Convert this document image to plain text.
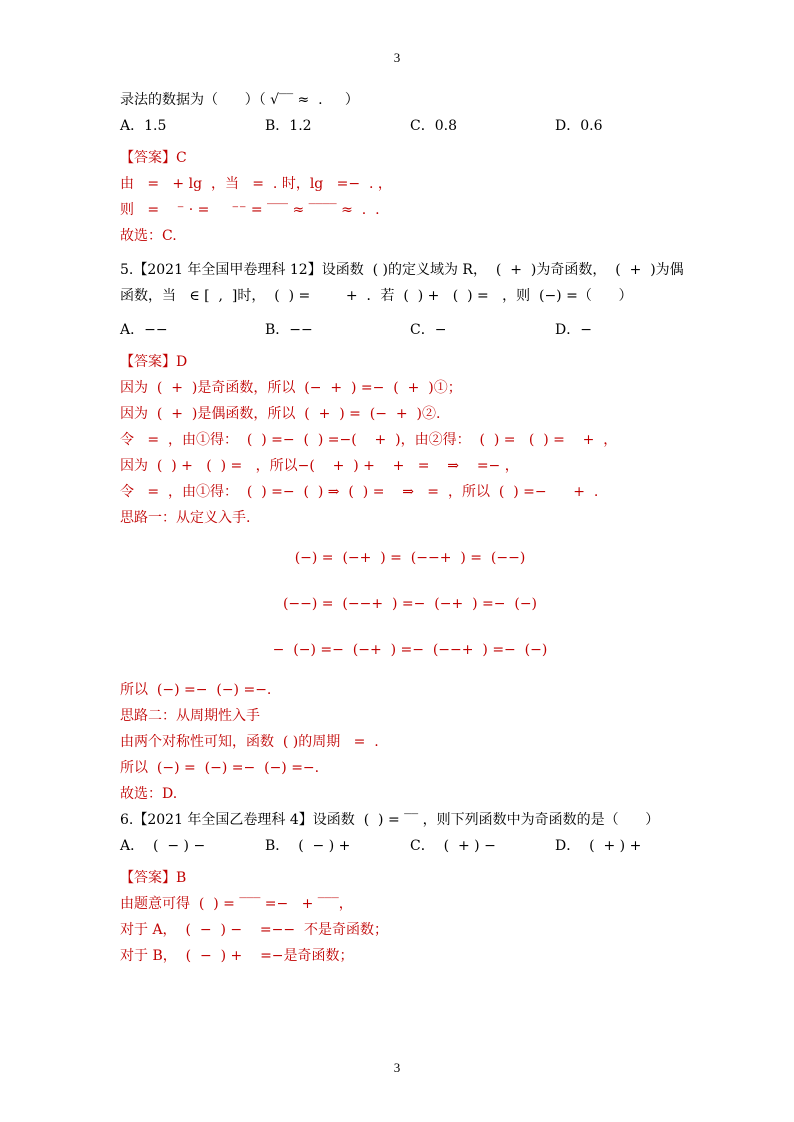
3
录法的数据为（      ）（ √‾‾ ≈  .     ）
A．1.5	B．1.2	C．0.8	D．0.6
【答案】C
由   =   + lg  ，当   =  . 时，lg   =−  . ，
则   =    ⁻ · =     ⁻⁻ = ‾‾‾ ≈ ‾‾‾‾ ≈  .  .
故选：C.
5.【2021 年全国甲卷理科 12】设函数  ( )的定义域为 R，  (  +  )为奇函数，  (  +  )为偶
函数，当   ∈ [  ,  ]时，  (  ) =        +  ．若  (  ) +   (  ) =   ，则  (−) =（      ）
A．−−	B．−−	C．−	D．−
【答案】D
因为  (  +  )是奇函数，所以  (−  +  ) =−  (  +  )①；
因为  (  +  )是偶函数，所以  (  +  ) =  (−  +  )②.
令   =  ，由①得：  (  ) =−  (  ) =−(    +  )，由②得：  (  ) =   (  ) =    +  ，
因为  (  ) +   (  ) =   ，所以−(    +  ) +    +   =    ⇒    =− ，
令   =  ，由①得：  (  ) =−  (  ) ⇒  (  ) =    ⇒   =  ，所以  (  ) =−      +  .
思路一：从定义入手.
(−) =  (−+  ) =  (−−+  ) =  (−−)
(−−) =  (−−+  ) =−  (−+  ) =−  (−)
−  (−) =−  (−+  ) =−  (−−+  ) =−  (−)
所以  (−) =−  (−) =−.
思路二：从周期性入手
由两个对称性可知，函数  ( )的周期   =  .
所以  (−) =  (−) =−  (−) =−.
故选：D.
6.【2021 年全国乙卷理科 4】设函数  (  ) = ‾‾ ，则下列函数中为奇函数的是（      ）
A．  (  − ) −	B．  (  − ) +	C．  (  + ) −	D．  (  + ) +
【答案】B
由题意可得  (  ) = ‾‾‾ =−   + ‾‾‾，
对于 A，  (  −  ) −    =−−  不是奇函数；
对于 B，  (  −  ) +    =−是奇函数；
3
